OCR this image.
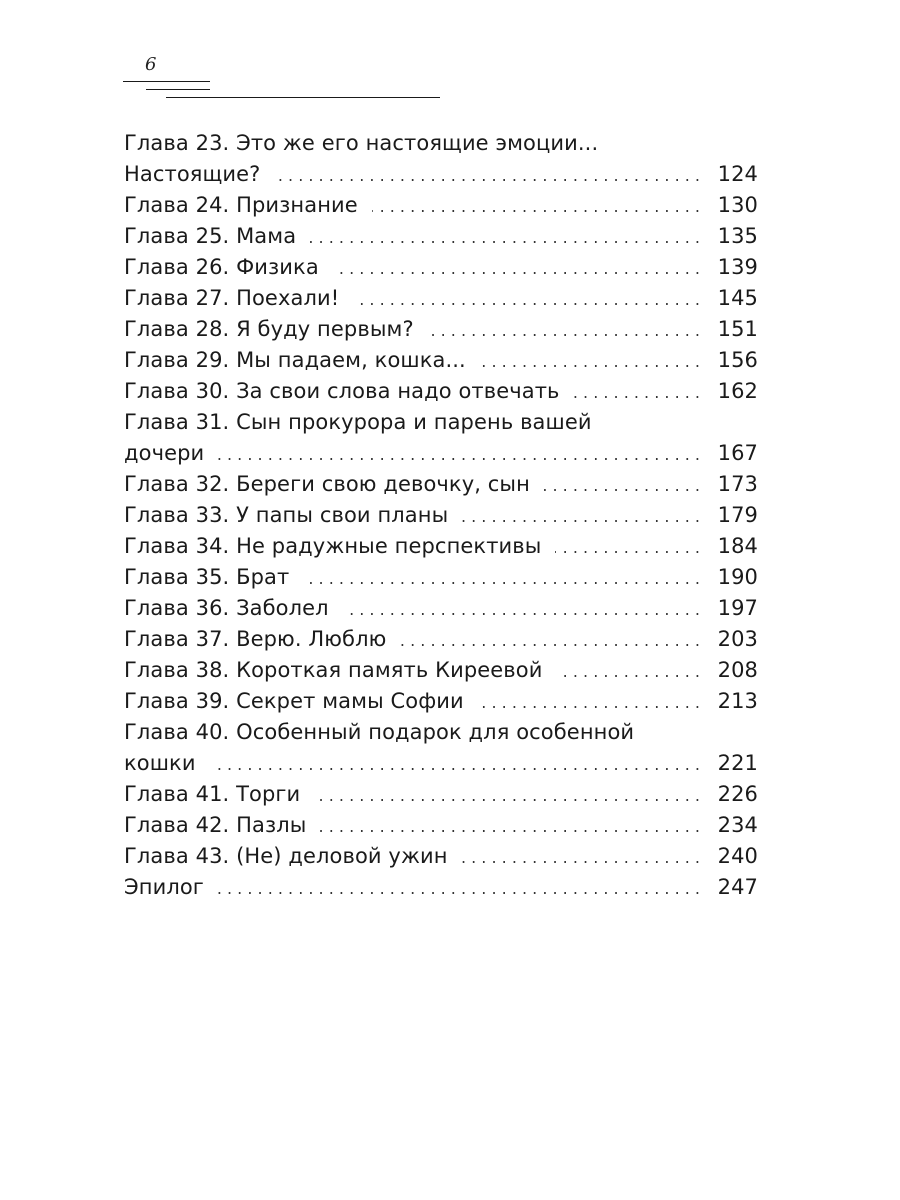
6
Глава 23. Это же его настоящие эмоции...
Настоящие? . . .	124
Глава 24. Признание . . .	130
Глава 25. Мама . . .	135
Глава 26. Физика . . .	139
Глава 27. Поехали! . . .	145
Глава 28. Я буду первым? . . .	151
Глава 29. Мы падаем, кошка... . . .	156
Глава 30. За свои слова надо отвечать . . .	162
Глава 31. Сын прокурора и парень вашей
дочери . . .	167
Глава 32. Береги свою девочку, сын . . .	173
Глава 33. У папы свои планы . . .	179
Глава 34. Не радужные перспективы . . .	184
Глава 35. Брат . . .	190
Глава 36. Заболел . . .	197
Глава 37. Верю. Люблю . . .	203
Глава 38. Короткая память Киреевой . . .	208
Глава 39. Секрет мамы Софии . . .	213
Глава 40. Особенный подарок для особенной
кошки . . .	221
Глава 41. Торги . . .	226
Глава 42. Пазлы . . .	234
Глава 43. (Не) деловой ужин . . .	240
Эпилог . . .	247
